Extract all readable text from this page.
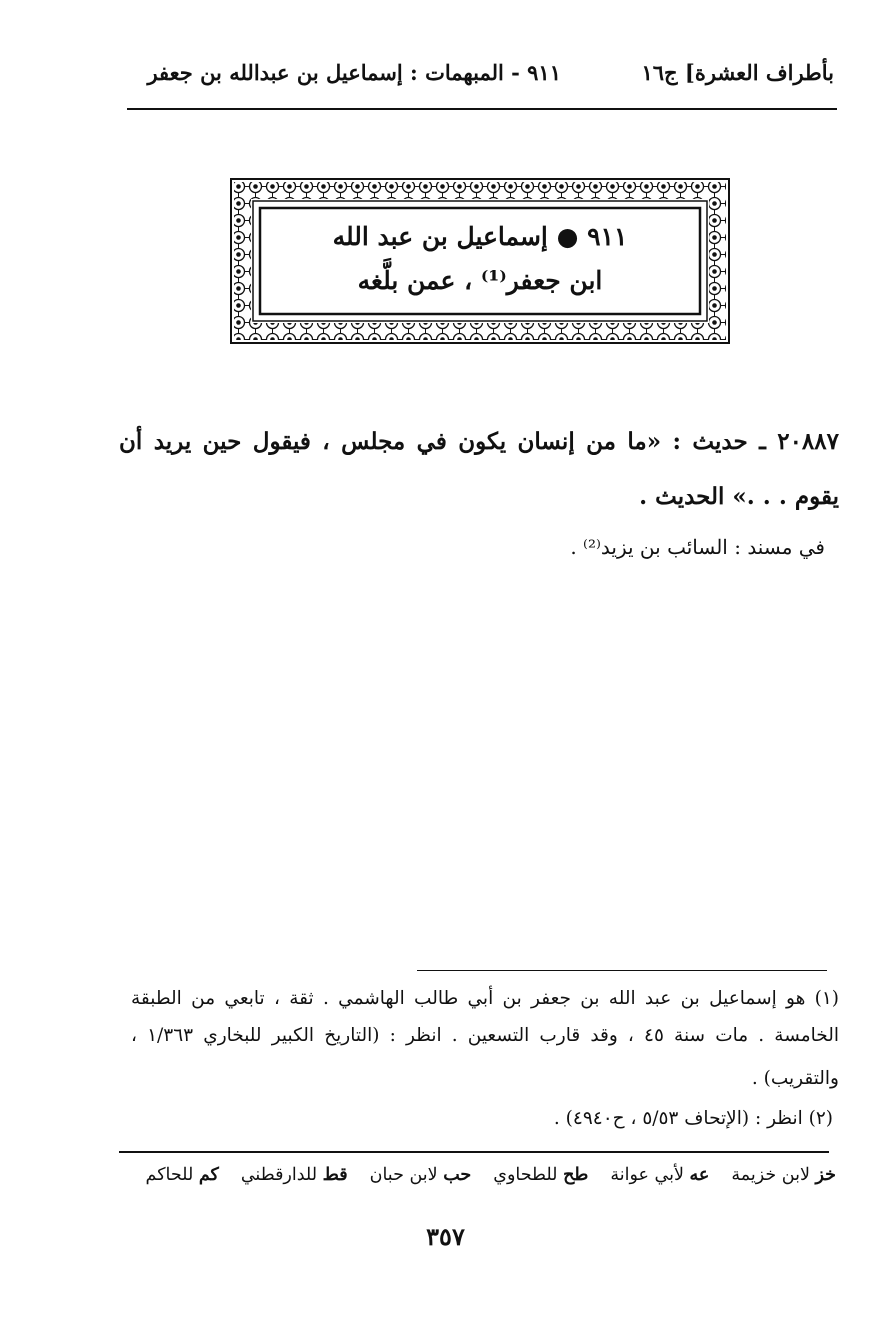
بأطراف العشرة] ج١٦
٩١١ - المبهمات : إسماعيل بن عبدالله بن جعفر
٩١١ ● إسماعيل بن عبد الله
ابن جعفر⁽¹⁾ ، عمن بلَّغه
٢٠٨٨٧ ـ حديث : «ما من إنسان يكون في مجلس ، فيقول حين يريد أن
يقوم . . .» الحديث .
في مسند : السائب بن يزيد⁽²⁾ .
(١) هو إسماعيل بن عبد الله بن جعفر بن أبي طالب الهاشمي . ثقة ، تابعي من الطبقة
الخامسة . مات سنة ٤٥ ، وقد قارب التسعين . انظر : (التاريخ الكبير للبخاري ١/٣٦٣ ،
والتقريب) .
(٢) انظر : (الإتحاف ٥/٥٣ ، ح٤٩٤٠) .
خز لابن خزيمة
عه لأبي عوانة
طح للطحاوي
حب لابن حبان
قط للدارقطني
كم للحاكم
٣٥٧
